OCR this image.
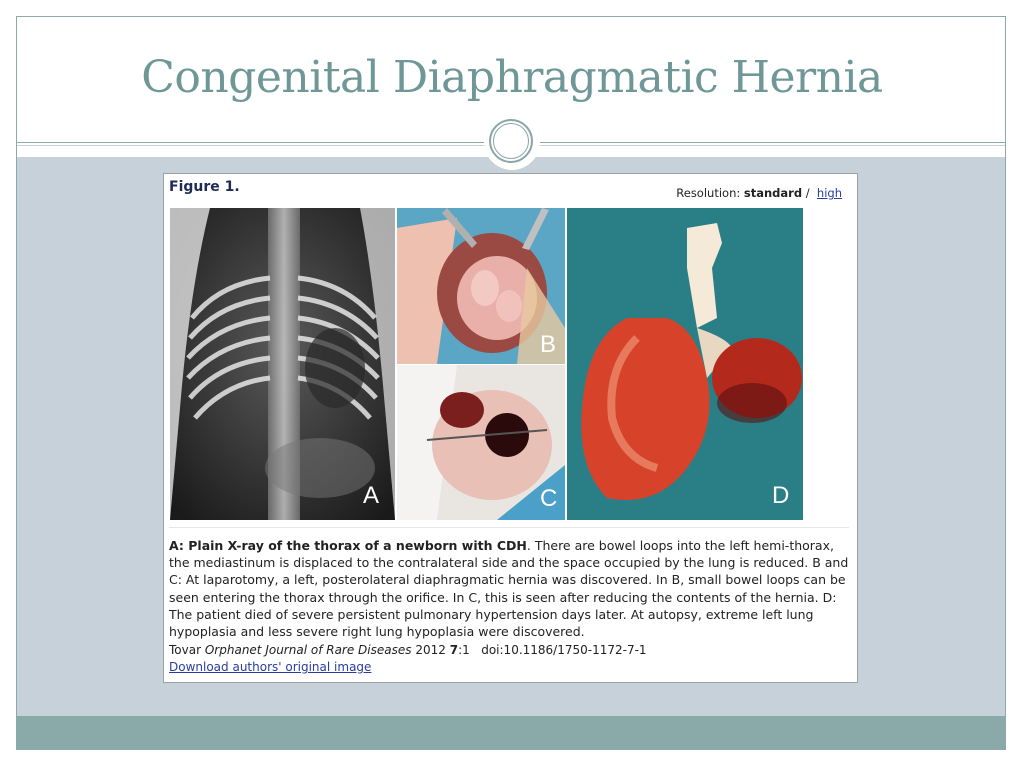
Congenital Diaphragmatic Hernia
Figure 1.	Resolution: standard / high
A
B
C	D
A: Plain X-ray of the thorax of a newborn with CDH. There are bowel loops into the left hemi-thorax, the mediastinum is displaced to the contralateral side and the space occupied by the lung is reduced. B and C: At laparotomy, a left, posterolateral diaphragmatic hernia was discovered. In B, small bowel loops can be seen entering the thorax through the orifice. In C, this is seen after reducing the contents of the hernia. D: The patient died of severe persistent pulmonary hypertension days later. At autopsy, extreme left lung hypoplasia and less severe right lung hypoplasia were discovered.
Tovar Orphanet Journal of Rare Diseases 2012 7:1 doi:10.1186/1750-1172-7-1
Download authors' original image
